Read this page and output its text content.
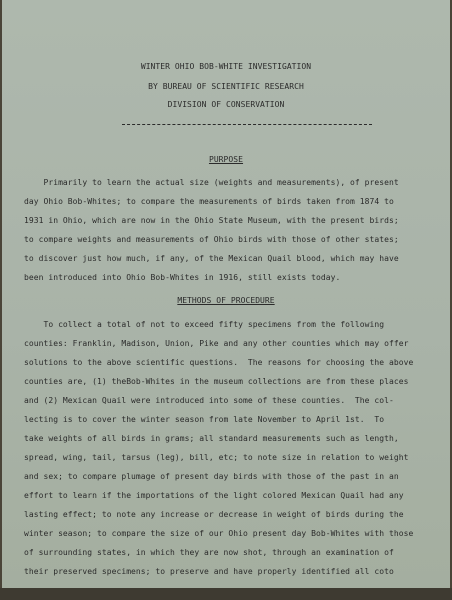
WINTER OHIO BOB-WHITE INVESTIGATION
BY BUREAU OF SCIENTIFIC RESEARCH
DIVISION OF CONSERVATION
PURPOSE
Primarily to learn the actual size (weights and measurements), of present
day Ohio Bob-Whites; to compare the measurements of birds taken from 1874 to
1931 in Ohio, which are now in the Ohio State Museum, with the present birds;
to compare weights and measurements of Ohio birds with those of other states;
to discover just how much, if any, of the Mexican Quail blood, which may have
been introduced into Ohio Bob-Whites in 1916, still exists today.
METHODS OF PROCEDURE
To collect a total of not to exceed fifty specimens from the following
counties: Franklin, Madison, Union, Pike and any other counties which may offer
solutions to the above scientific questions.  The reasons for choosing the above
counties are, (1) theBob-Whites in the museum collections are from these places
and (2) Mexican Quail were introduced into some of these counties.  The col-
lecting is to cover the winter season from late November to April 1st.  To
take weights of all birds in grams; all standard measurements such as length,
spread, wing, tail, tarsus (leg), bill, etc; to note size in relation to weight
and sex; to compare plumage of present day birds with those of the past in an
effort to learn if the importations of the light colored Mexican Quail had any
lasting effect; to note any increase or decrease in weight of birds during the
winter season; to compare the size of our Ohio present day Bob-Whites with those
of surrounding states, in which they are now shot, through an examination of
their preserved specimens; to preserve and have properly identified all coto
